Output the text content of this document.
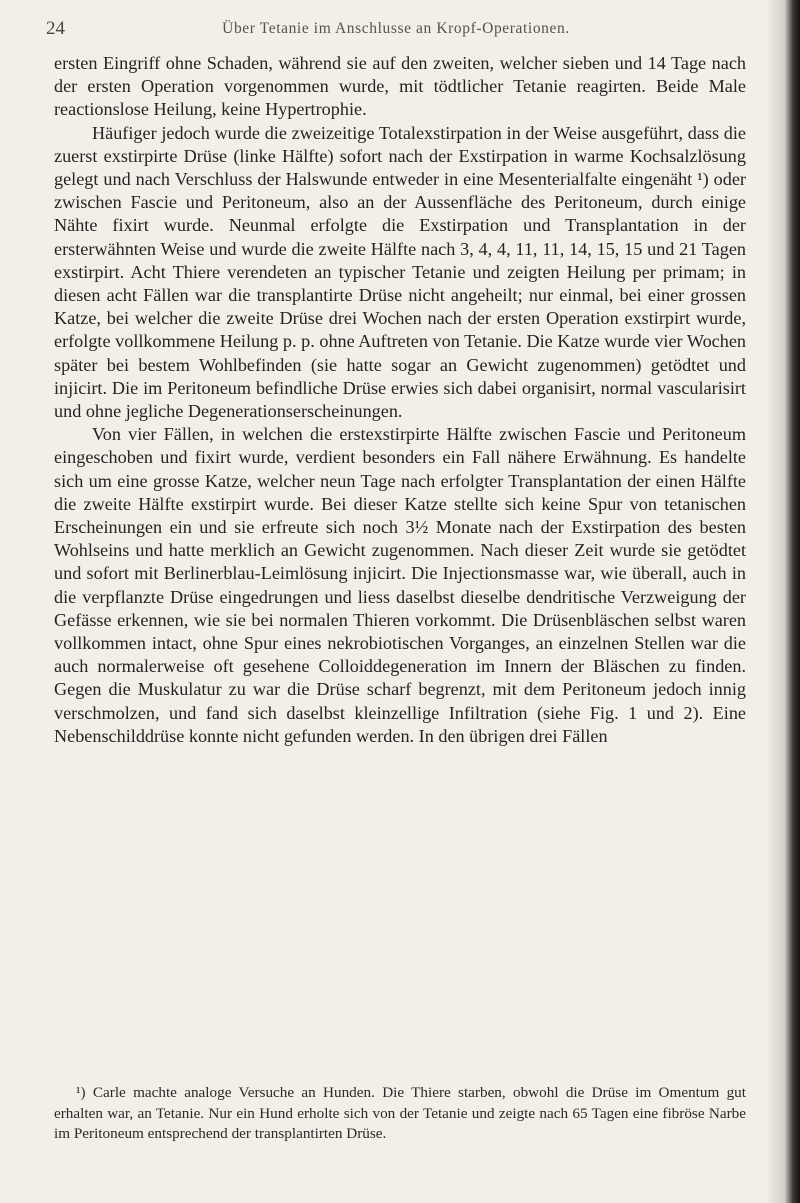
24	Über Tetanie im Anschlusse an Kropf-Operationen.

ersten Eingriff ohne Schaden, während sie auf den zweiten, welcher sieben und 14 Tage nach der ersten Operation vorgenommen wurde, mit tödtlicher Tetanie reagirten. Beide Male reactionslose Heilung, keine Hypertrophie.

Häufiger jedoch wurde die zweizeitige Totalexstirpation in der Weise ausgeführt, dass die zuerst exstirpirte Drüse (linke Hälfte) sofort nach der Exstirpation in warme Kochsalzlösung gelegt und nach Verschluss der Halswunde entweder in eine Mesenterialfalte eingenäht ¹) oder zwischen Fascie und Peritoneum, also an der Aussenfläche des Peritoneum, durch einige Nähte fixirt wurde. Neunmal erfolgte die Exstirpation und Transplantation in der ersterwähnten Weise und wurde die zweite Hälfte nach 3, 4, 4, 11, 11, 14, 15, 15 und 21 Tagen exstirpirt. Acht Thiere verendeten an typischer Tetanie und zeigten Heilung per primam; in diesen acht Fällen war die transplantirte Drüse nicht angeheilt; nur einmal, bei einer grossen Katze, bei welcher die zweite Drüse drei Wochen nach der ersten Operation exstirpirt wurde, erfolgte vollkommene Heilung p. p. ohne Auftreten von Tetanie. Die Katze wurde vier Wochen später bei bestem Wohlbefinden (sie hatte sogar an Gewicht zugenommen) getödtet und injicirt. Die im Peritoneum befindliche Drüse erwies sich dabei organisirt, normal vascularisirt und ohne jegliche Degenerationserscheinungen.

Von vier Fällen, in welchen die erstexstirpirte Hälfte zwischen Fascie und Peritoneum eingeschoben und fixirt wurde, verdient besonders ein Fall nähere Erwähnung. Es handelte sich um eine grosse Katze, welcher neun Tage nach erfolgter Transplantation der einen Hälfte die zweite Hälfte exstirpirt wurde. Bei dieser Katze stellte sich keine Spur von tetanischen Erscheinungen ein und sie erfreute sich noch 3½ Monate nach der Exstirpation des besten Wohlseins und hatte merklich an Gewicht zugenommen. Nach dieser Zeit wurde sie getödtet und sofort mit Berlinerblau-Leimlösung injicirt. Die Injectionsmasse war, wie überall, auch in die verpflanzte Drüse eingedrungen und liess daselbst dieselbe dendritische Verzweigung der Gefässe erkennen, wie sie bei normalen Thieren vorkommt. Die Drüsenbläschen selbst waren vollkommen intact, ohne Spur eines nekrobiotischen Vorganges, an einzelnen Stellen war die auch normalerweise oft gesehene Colloiddegeneration im Innern der Bläschen zu finden. Gegen die Muskulatur zu war die Drüse scharf begrenzt, mit dem Peritoneum jedoch innig verschmolzen, und fand sich daselbst kleinzellige Infiltration (siehe Fig. 1 und 2). Eine Nebenschilddrüse konnte nicht gefunden werden. In den übrigen drei Fällen

¹) Carle machte analoge Versuche an Hunden. Die Thiere starben, obwohl die Drüse im Omentum gut erhalten war, an Tetanie. Nur ein Hund erholte sich von der Tetanie und zeigte nach 65 Tagen eine fibröse Narbe im Peritoneum entsprechend der transplantirten Drüse.
